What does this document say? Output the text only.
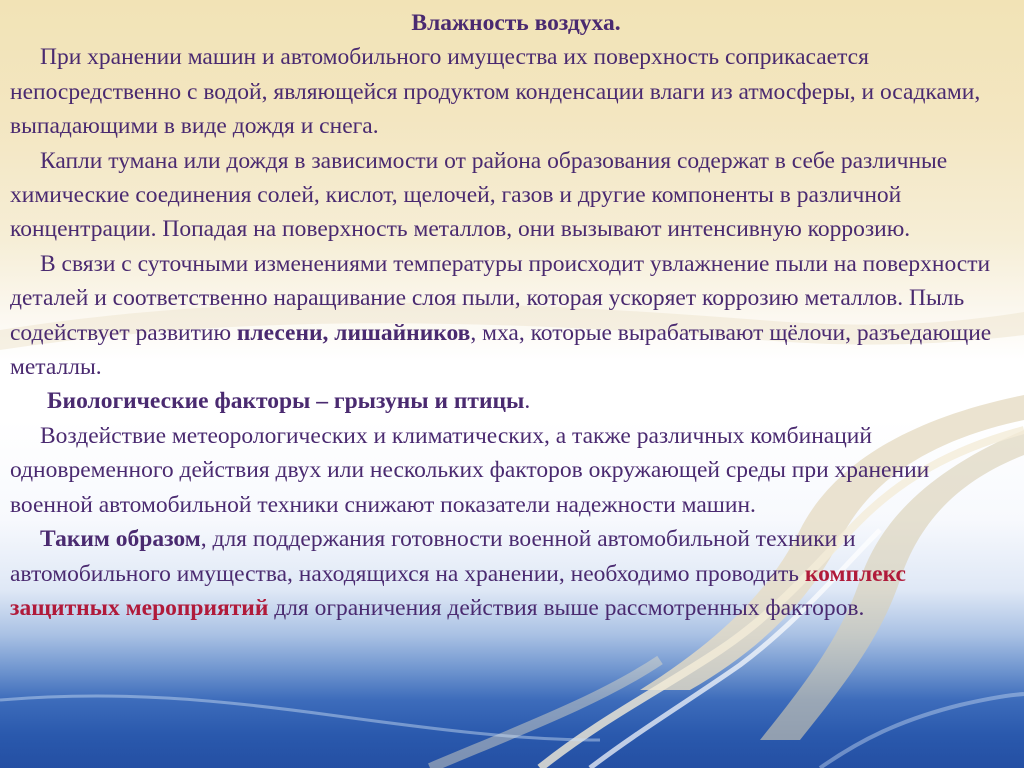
Влажность воздуха.

При хранении машин и автомобильного имущества их поверхность соприкасается непосредственно с водой, являющейся продуктом конденсации влаги из атмосферы, и осадками, выпадающими в виде дождя и снега.

Капли тумана или дождя в зависимости от района образования содержат в себе различные химические соединения солей, кислот, щелочей, газов и другие компоненты в различной концентрации. Попадая на поверхность металлов, они вызывают интенсивную коррозию.

В связи с суточными изменениями температуры происходит увлажнение пыли на поверхности деталей и соответственно наращивание слоя пыли, которая ускоряет коррозию металлов. Пыль содействует развитию плесени, лишайников, мха, которые вырабатывают щёлочи, разъедающие металлы.

Биологические факторы – грызуны и птицы.

Воздействие метеорологических и климатических, а также различных комбинаций одновременного действия двух или нескольких факторов окружающей среды при хранении военной автомобильной техники снижают показатели надежности машин.

Таким образом, для поддержания готовности военной автомобильной техники и автомобильного имущества, находящихся на хранении, необходимо проводить комплекс защитных мероприятий для ограничения действия выше рассмотренных факторов.
